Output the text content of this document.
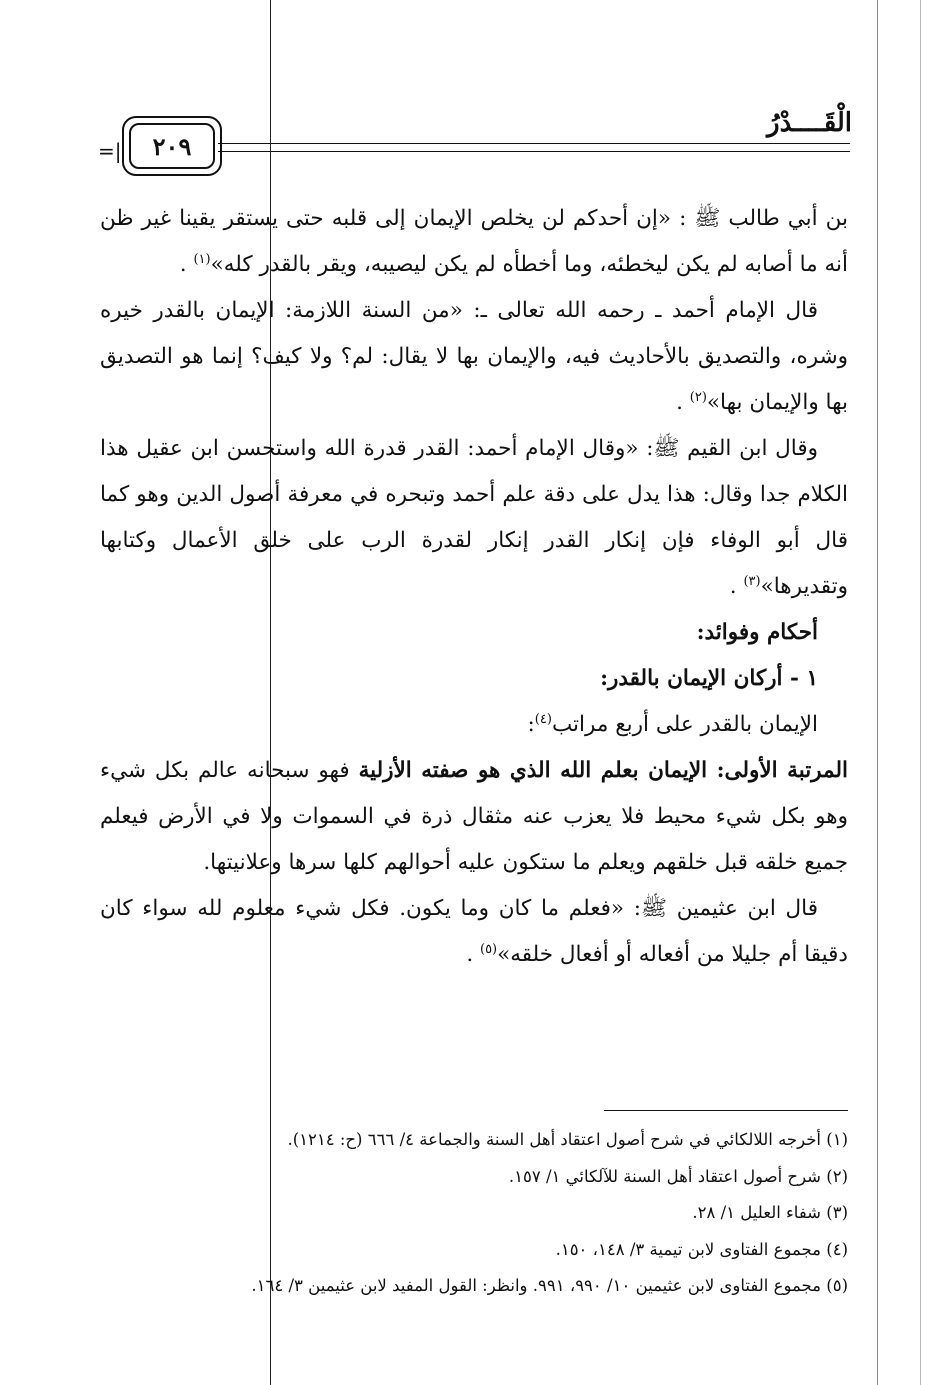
الْقَــــدْرُ
=|	٢٠٩

بن أبي طالب ﷺ : «إن أحدكم لن يخلص الإيمان إلى قلبه حتى يستقر يقينا غير ظن أنه ما أصابه لم يكن ليخطئه، وما أخطأه لم يكن ليصيبه، ويقر بالقدر كله»$^{(١)}$ .

قال الإمام أحمد ـ رحمه الله تعالى ـ: «من السنة اللازمة: الإيمان بالقدر خيره وشره، والتصديق بالأحاديث فيه، والإيمان بها لا يقال: لم؟ ولا كيف؟ إنما هو التصديق بها والإيمان بها»$^{(٢)}$ .

وقال ابن القيم ﷺ: «وقال الإمام أحمد: القدر قدرة الله واستحسن ابن عقيل هذا الكلام جدا وقال: هذا يدل على دقة علم أحمد وتبحره في معرفة أصول الدين وهو كما قال أبو الوفاء فإن إنكار القدر إنكار لقدرة الرب على خلق الأعمال وكتابها وتقديرها»$^{(٣)}$ .

أحكام وفوائد:

١ - أركان الإيمان بالقدر:

الإيمان بالقدر على أربع مراتب$^{(٤)}$:

المرتبة الأولى: الإيمان بعلم الله الذي هو صفته الأزلية فهو سبحانه عالم بكل شيء وهو بكل شيء محيط فلا يعزب عنه مثقال ذرة في السموات ولا في الأرض فيعلم جميع خلقه قبل خلقهم ويعلم ما ستكون عليه أحوالهم كلها سرها وعلانيتها.

قال ابن عثيمين ﷺ: «فعلم ما كان وما يكون. فكل شيء معلوم لله سواء كان دقيقا أم جليلا من أفعاله أو أفعال خلقه»$^{(٥)}$ .

(١) أخرجه اللالكائي في شرح أصول اعتقاد أهل السنة والجماعة ٤/ ٦٦٦ (ح: ١٢١٤).
(٢) شرح أصول اعتقاد أهل السنة للآلكائي ١/ ١٥٧.
(٣) شفاء العليل ١/ ٢٨.
(٤) مجموع الفتاوى لابن تيمية ٣/ ١٤٨، ١٥٠.
(٥) مجموع الفتاوى لابن عثيمين ١٠/ ٩٩٠، ٩٩١. وانظر: القول المفيد لابن عثيمين ٣/ ١٦٤.
